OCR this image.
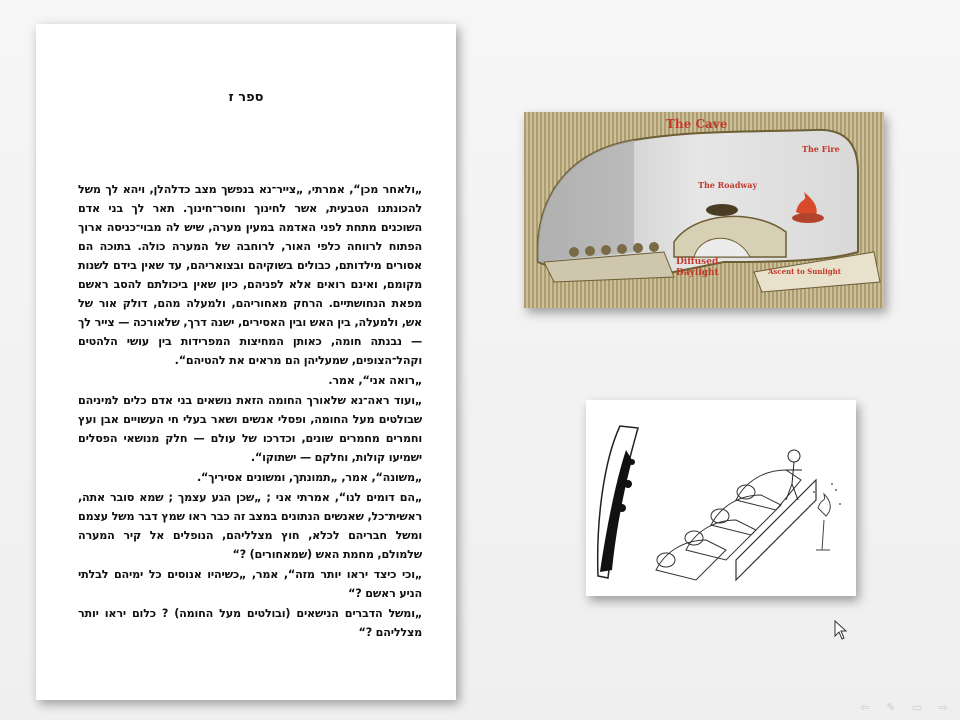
ספר ז

„ולאחר מכן“, אמרתי, „צייר־נא בנפשך מצב כדלהלן, ויהא לך משל להכונתנו הטבעית, אשר לחינוך וחוסר־חינוך. תאר לך בני אדם השוכנים מתחת לפני האדמה במעין מערה, שיש לה מבוי־כניסה ארוך הפתוח לרווחה כלפי האור, לרוחבה של המערה כולה. בתוכה הם אסורים מילדותם, כבולים בשוקיהם ובצואריהם, עד שאין בידם לשנות מקומם, ואינם רואים אלא לפניהם, כיון שאין ביכולתם להסב ראשם מפאת הנחושתיים. הרחק מאחוריהם, ולמעלה מהם, דולק אור של אש, ולמעלה, בין האש ובין האסירים, ישנה דרך, שלאורכה — צייר לך — נבנתה חומה, כאותן המחיצות המפרידות בין עושי הלהטים וקהל־הצופים, שמעליהן הם מראים את להטיהם“.

„רואה אני“, אמר.

„ועוד ראה־נא שלאורך החומה הזאת נושאים בני אדם כלים למיניהם שבולטים מעל החומה, ופסלי אנשים ושאר בעלי חי העשויים אבן ועץ וחמרים מחמרים שונים, וכדרכו של עולם — חלק מנושאי הפסלים ישמיעו קולות, וחלקם — ישתוקו“.

„משונה“, אמר, „תמונתך, ומשונים אסיריך“.

„הם דומים לנו“, אמרתי אני ; „שכן הגע עצמך ; שמא סובר אתה, ראשית־כל, שאנשים הנתונים במצב זה כבר ראו שמץ דבר משל עצמם ומשל חבריהם לכלא, חוץ מצלליהם, הנופלים אל קיר המערה שלמולם, מחמת האש (שמאחורים) ?“

„וכי כיצד יראו יותר מזה“, אמר, „כשיהיו אנוסים כל ימיהם לבלתי הניע ראשם ?“

„ומשל הדברים הנישאים (ובולטים מעל החומה) ? כלום יראו יותר מצלליהם ?“

The Cave
The Fire
The Roadway
Diffused
Daylight	Ascent to Sunlight
⇦	✎	▭	⇨
